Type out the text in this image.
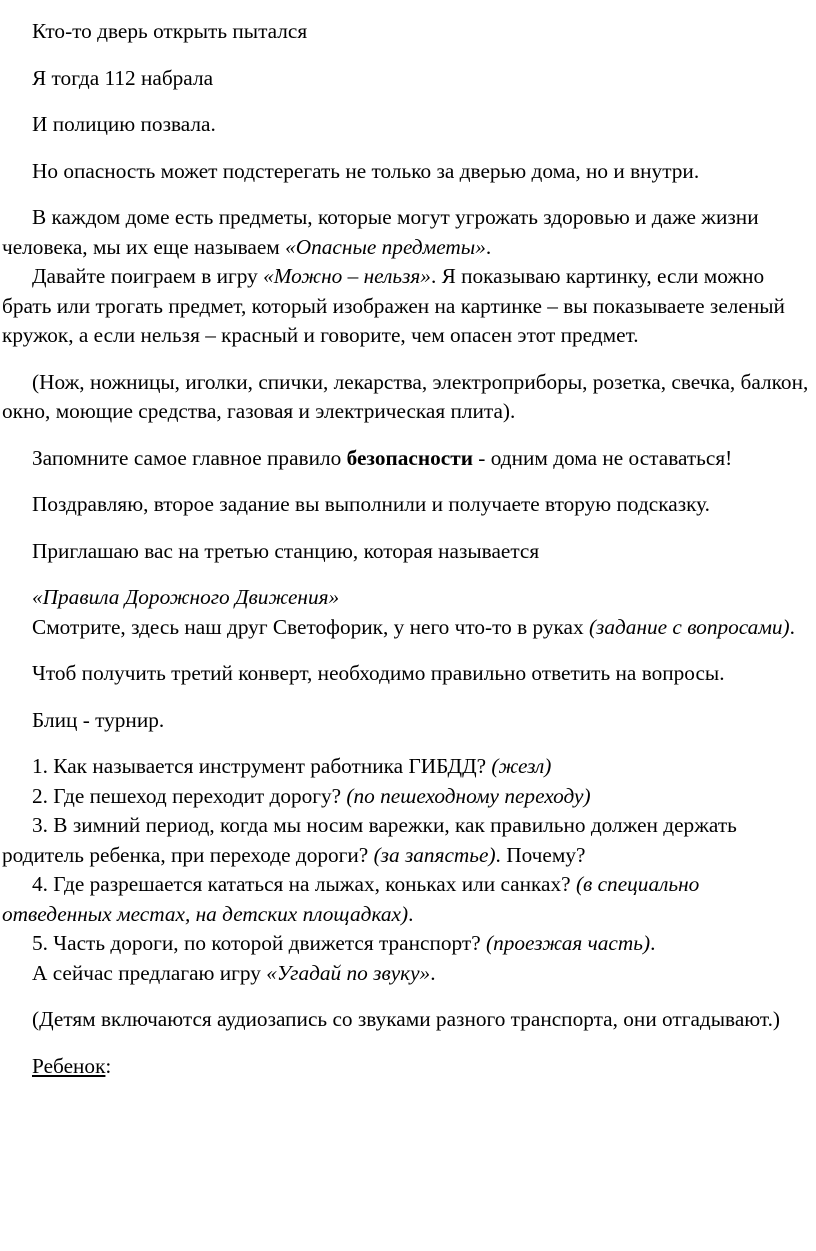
Кто-то дверь открыть пытался

Я тогда 112 набрала

И полицию позвала.

Но опасность может подстерегать не только за дверью дома, но и внутри.

В каждом доме есть предметы, которые могут угрожать здоровью и даже жизни человека, мы их еще называем «Опасные предметы».

Давайте поиграем в игру «Можно – нельзя». Я показываю картинку, если можно брать или трогать предмет, который изображен на картинке – вы показываете зеленый кружок, а если нельзя – красный и говорите, чем опасен этот предмет.

(Нож, ножницы, иголки, спички, лекарства, электроприборы, розетка, свечка, балкон, окно, моющие средства, газовая и электрическая плита).

Запомните самое главное правило безопасности - одним дома не оставаться!

Поздравляю, второе задание вы выполнили и получаете вторую подсказку.

Приглашаю вас на третью станцию, которая называется

«Правила Дорожного Движения»

Смотрите, здесь наш друг Светофорик, у него что-то в руках (задание с вопросами).

Чтоб получить третий конверт, необходимо правильно ответить на вопросы.

Блиц - турнир.

1. Как называется инструмент работника ГИБДД? (жезл)

2. Где пешеход переходит дорогу? (по пешеходному переходу)

3. В зимний период, когда мы носим варежки, как правильно должен держать родитель ребенка, при переходе дороги? (за запястье). Почему?

4. Где разрешается кататься на лыжах, коньках или санках? (в специально отведенных местах, на детских площадках).

5. Часть дороги, по которой движется транспорт? (проезжая часть).

А сейчас предлагаю игру «Угадай по звуку».

(Детям включаются аудиозапись со звуками разного транспорта, они отгадывают.)

Ребенок:
